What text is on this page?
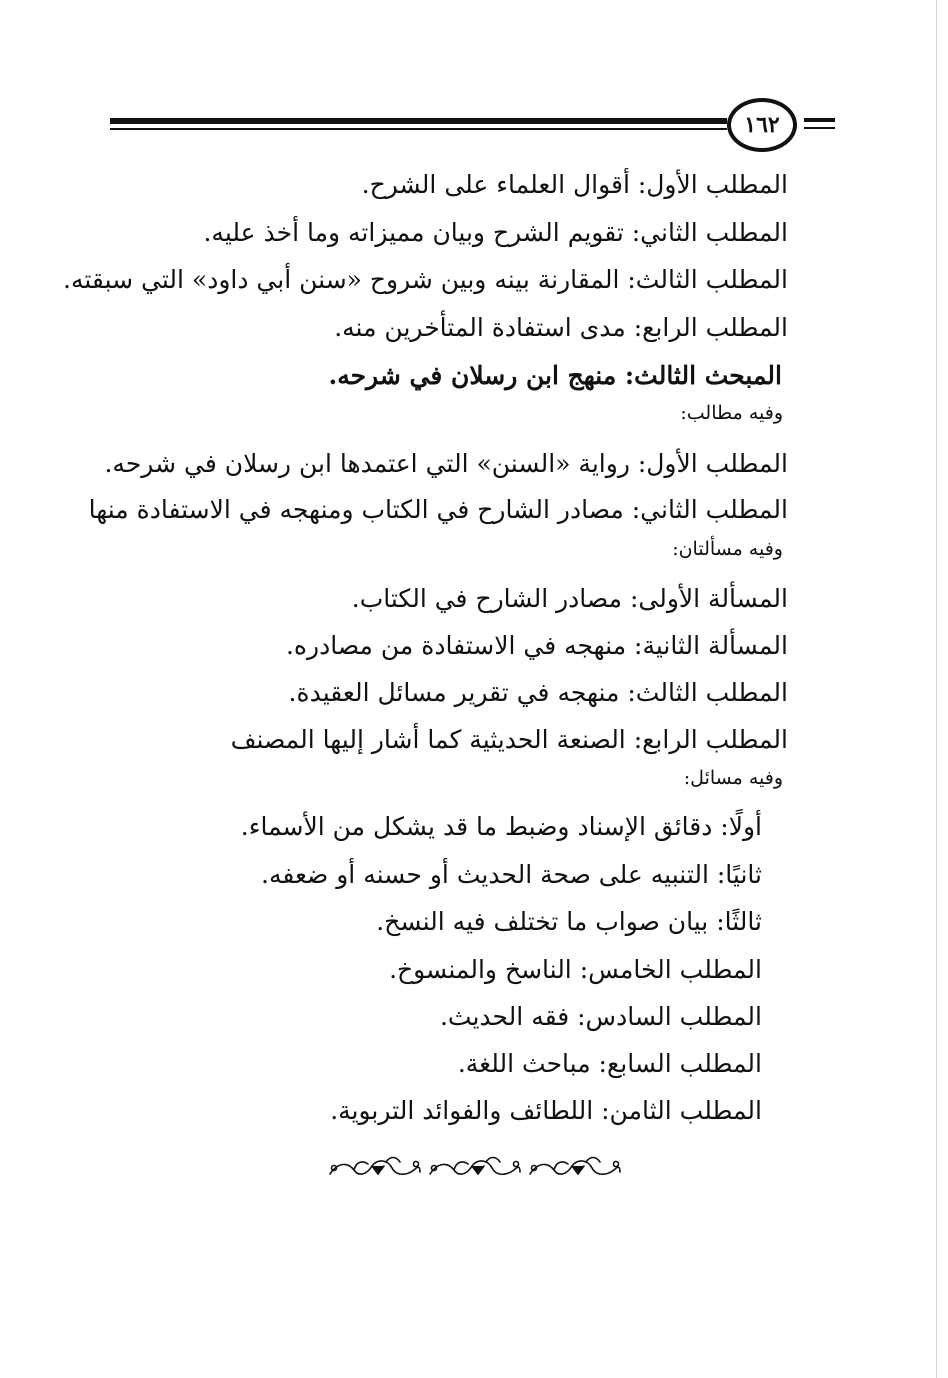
١٦٢
المطلب الأول: أقوال العلماء على الشرح.
المطلب الثاني: تقويم الشرح وبيان مميزاته وما أخذ عليه.
المطلب الثالث: المقارنة بينه وبين شروح «سنن أبي داود» التي سبقته.
المطلب الرابع: مدى استفادة المتأخرين منه.
المبحث الثالث: منهج ابن رسلان في شرحه.
وفيه مطالب:
المطلب الأول: رواية «السنن» التي اعتمدها ابن رسلان في شرحه.
المطلب الثاني: مصادر الشارح في الكتاب ومنهجه في الاستفادة منها
وفيه مسألتان:
المسألة الأولى: مصادر الشارح في الكتاب.
المسألة الثانية: منهجه في الاستفادة من مصادره.
المطلب الثالث: منهجه في تقرير مسائل العقيدة.
المطلب الرابع: الصنعة الحديثية كما أشار إليها المصنف
وفيه مسائل:
أولًا: دقائق الإسناد وضبط ما قد يشكل من الأسماء.
ثانيًا: التنبيه على صحة الحديث أو حسنه أو ضعفه.
ثالثًا: بيان صواب ما تختلف فيه النسخ.
المطلب الخامس: الناسخ والمنسوخ.
المطلب السادس: فقه الحديث.
المطلب السابع: مباحث اللغة.
المطلب الثامن: اللطائف والفوائد التربوية.
